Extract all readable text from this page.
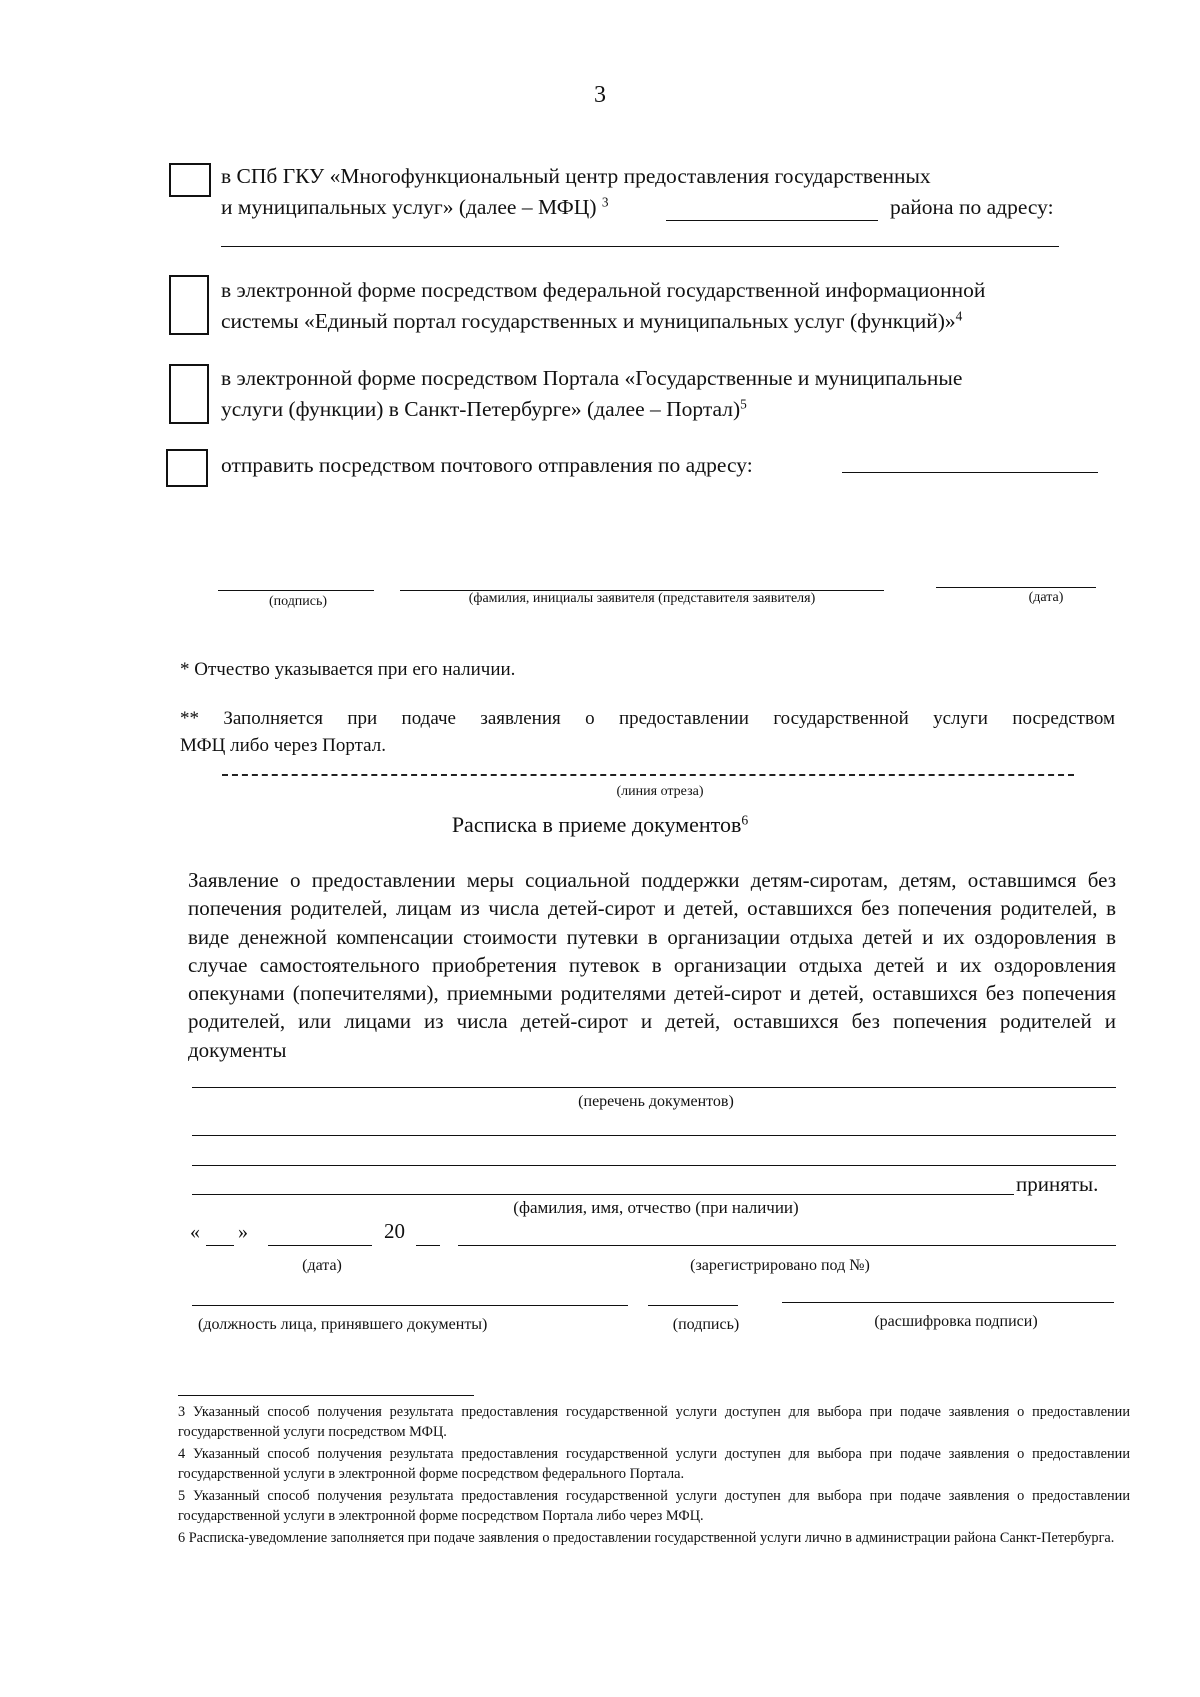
3
в СПб ГКУ «Многофункциональный центр предоставления государственных
и муниципальных услуг» (далее – МФЦ) $^3$	района по адресу:
в электронной форме посредством федеральной государственной информационной
системы «Единый портал государственных и муниципальных услуг (функций)»$^4$
в электронной форме посредством Портала «Государственные и муниципальные
услуги (функции) в Санкт-Петербурге» (далее – Портал)$^5$
отправить посредством почтового отправления по адресу:
(подпись)	(фамилия, инициалы заявителя (представителя заявителя)	(дата)
* Отчество указывается при его наличии.
** Заполняется при подаче заявления о предоставлении государственной услуги посредством
МФЦ либо через Портал.
(линия отреза)
Расписка в приеме документов$^6$
Заявление о предоставлении меры социальной поддержки детям-сиротам, детям, оставшимся без попечения родителей, лицам из числа детей-сирот и детей, оставшихся без попечения родителей, в виде денежной компенсации стоимости путевки в организации отдыха детей и их оздоровления в случае самостоятельного приобретения путевок в организации отдыха детей и их оздоровления опекунами (попечителями), приемными родителями детей-сирот и детей, оставшихся без попечения родителей, или лицами из числа детей-сирот и детей, оставшихся без попечения родителей и документы
(перечень документов)
приняты.
(фамилия, имя, отчество (при наличии)
« »	20
(дата)	(зарегистрировано под №)
(должность лица, принявшего документы)	(подпись)	(расшифровка подписи)
3 Указанный способ получения результата предоставления государственной услуги доступен для выбора при подаче заявления о предоставлении государственной услуги посредством МФЦ.
4 Указанный способ получения результата предоставления государственной услуги доступен для выбора при подаче заявления о предоставлении государственной услуги в электронной форме посредством федерального Портала.
5 Указанный способ получения результата предоставления государственной услуги доступен для выбора при подаче заявления о предоставлении государственной услуги в электронной форме посредством Портала либо через МФЦ.
6 Расписка-уведомление заполняется при подаче заявления о предоставлении государственной услуги лично в администрации района Санкт-Петербурга.
